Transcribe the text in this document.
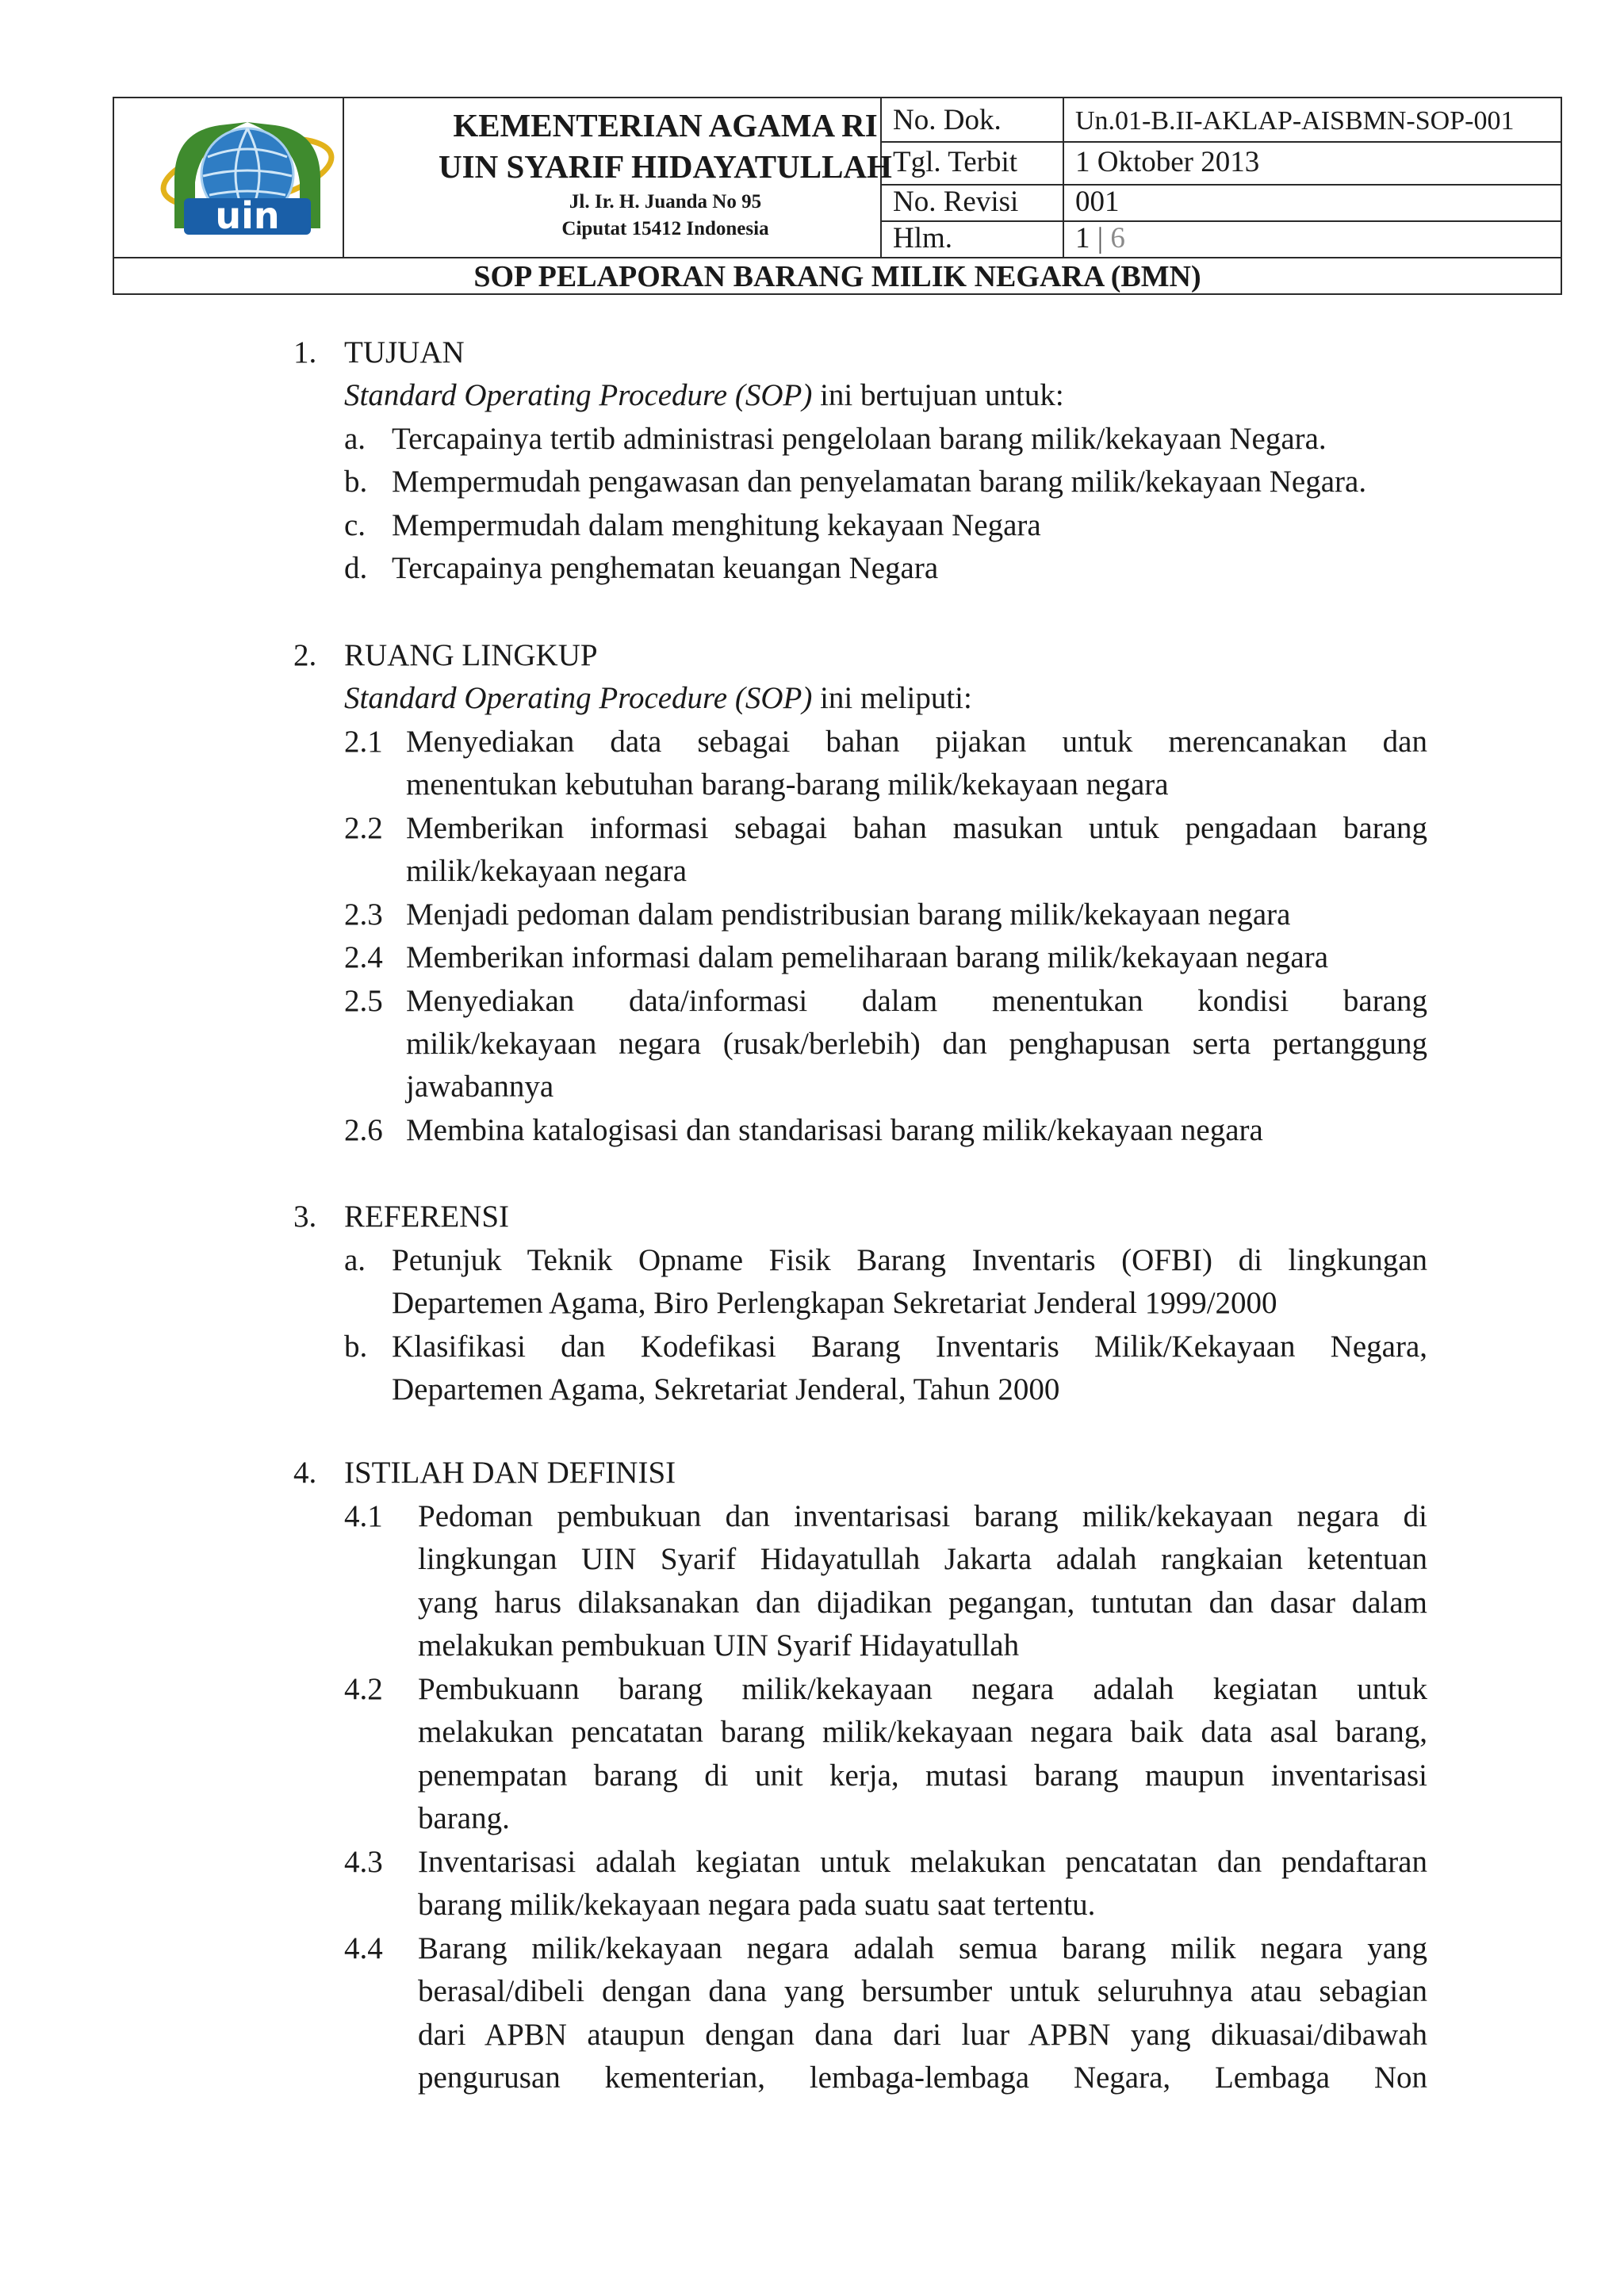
uin
KEMENTERIAN AGAMA RI
UIN SYARIF HIDAYATULLAH
Jl. Ir. H. Juanda No 95
Ciputat 15412 Indonesia
No. Dok.	Un.01-B.II-AKLAP-AISBMN-SOP-001
Tgl. Terbit 1 Oktober 2013
No. Revisi 001
Hlm.	1 | 6
SOP PELAPORAN BARANG MILIK NEGARA (BMN)
1. TUJUAN
Standard Operating Procedure (SOP) ini bertujuan untuk:
a. Tercapainya tertib administrasi pengelolaan barang milik/kekayaan Negara.
b. Mempermudah pengawasan dan penyelamatan barang milik/kekayaan Negara.
c. Mempermudah dalam menghitung kekayaan Negara
d. Tercapainya penghematan keuangan Negara
2. RUANG LINGKUP
Standard Operating Procedure (SOP) ini meliputi:
2.1 Menyediakan data sebagai bahan pijakan untuk merencanakan dan
menentukan kebutuhan barang-barang milik/kekayaan negara
2.2 Memberikan informasi sebagai bahan masukan untuk pengadaan barang
milik/kekayaan negara
2.3 Menjadi pedoman dalam pendistribusian barang milik/kekayaan negara
2.4 Memberikan informasi dalam pemeliharaan barang milik/kekayaan negara
2.5 Menyediakan data/informasi dalam menentukan kondisi barang
milik/kekayaan negara (rusak/berlebih) dan penghapusan serta pertanggung
jawabannya
2.6 Membina katalogisasi dan standarisasi barang milik/kekayaan negara
3. REFERENSI
a. Petunjuk Teknik Opname Fisik Barang Inventaris (OFBI) di lingkungan
Departemen Agama, Biro Perlengkapan Sekretariat Jenderal 1999/2000
b. Klasifikasi dan Kodefikasi Barang Inventaris Milik/Kekayaan Negara,
Departemen Agama, Sekretariat Jenderal, Tahun 2000
4. ISTILAH DAN DEFINISI
4.1 Pedoman pembukuan dan inventarisasi barang milik/kekayaan negara di
lingkungan UIN Syarif Hidayatullah Jakarta adalah rangkaian ketentuan
yang harus dilaksanakan dan dijadikan pegangan, tuntutan dan dasar dalam
melakukan pembukuan UIN Syarif Hidayatullah
4.2 Pembukuann barang milik/kekayaan negara adalah kegiatan untuk
melakukan pencatatan barang milik/kekayaan negara baik data asal barang,
penempatan barang di unit kerja, mutasi barang maupun inventarisasi
barang.
4.3 Inventarisasi adalah kegiatan untuk melakukan pencatatan dan pendaftaran
barang milik/kekayaan negara pada suatu saat tertentu.
4.4 Barang milik/kekayaan negara adalah semua barang milik negara yang
berasal/dibeli dengan dana yang bersumber untuk seluruhnya atau sebagian
dari APBN ataupun dengan dana dari luar APBN yang dikuasai/dibawah
pengurusan kementerian, lembaga-lembaga Negara, Lembaga Non
